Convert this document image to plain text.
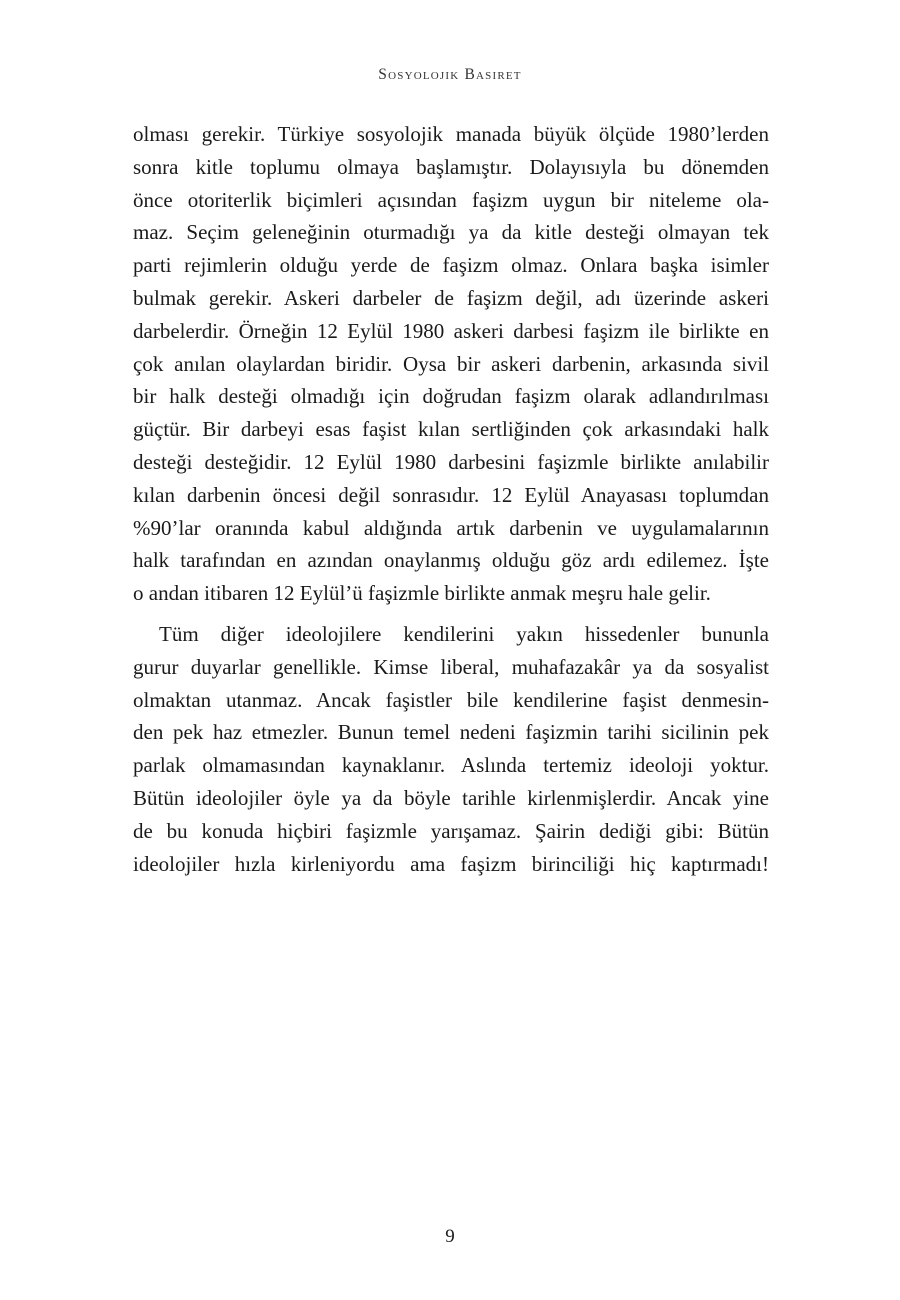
Sosyolojik Basiret
olması gerekir. Türkiye sosyolojik manada büyük ölçüde 1980’lerden
sonra kitle toplumu olmaya başlamıştır. Dolayısıyla bu dönemden
önce otoriterlik biçimleri açısından faşizm uygun bir niteleme ola-
maz. Seçim geleneğinin oturmadığı ya da kitle desteği olmayan tek
parti rejimlerin olduğu yerde de faşizm olmaz. Onlara başka isimler
bulmak gerekir. Askeri darbeler de faşizm değil, adı üzerinde askeri
darbelerdir. Örneğin 12 Eylül 1980 askeri darbesi faşizm ile birlikte en
çok anılan olaylardan biridir. Oysa bir askeri darbenin, arkasında sivil
bir halk desteği olmadığı için doğrudan faşizm olarak adlandırılması
güçtür. Bir darbeyi esas faşist kılan sertliğinden çok arkasındaki halk
desteği desteğidir. 12 Eylül 1980 darbesini faşizmle birlikte anılabilir
kılan darbenin öncesi değil sonrasıdır. 12 Eylül Anayasası toplumdan
%90’lar oranında kabul aldığında artık darbenin ve uygulamalarının
halk tarafından en azından onaylanmış olduğu göz ardı edilemez. İşte
o andan itibaren 12 Eylül’ü faşizmle birlikte anmak meşru hale gelir.
Tüm diğer ideolojilere kendilerini yakın hissedenler bununla
gurur duyarlar genellikle. Kimse liberal, muhafazakâr ya da sosyalist
olmaktan utanmaz. Ancak faşistler bile kendilerine faşist denmesin-
den pek haz etmezler. Bunun temel nedeni faşizmin tarihi sicilinin pek
parlak olmamasından kaynaklanır. Aslında tertemiz ideoloji yoktur.
Bütün ideolojiler öyle ya da böyle tarihle kirlenmişlerdir. Ancak yine
de bu konuda hiçbiri faşizmle yarışamaz. Şairin dediği gibi: Bütün
ideolojiler hızla kirleniyordu ama faşizm birinciliği hiç kaptırmadı!
9
